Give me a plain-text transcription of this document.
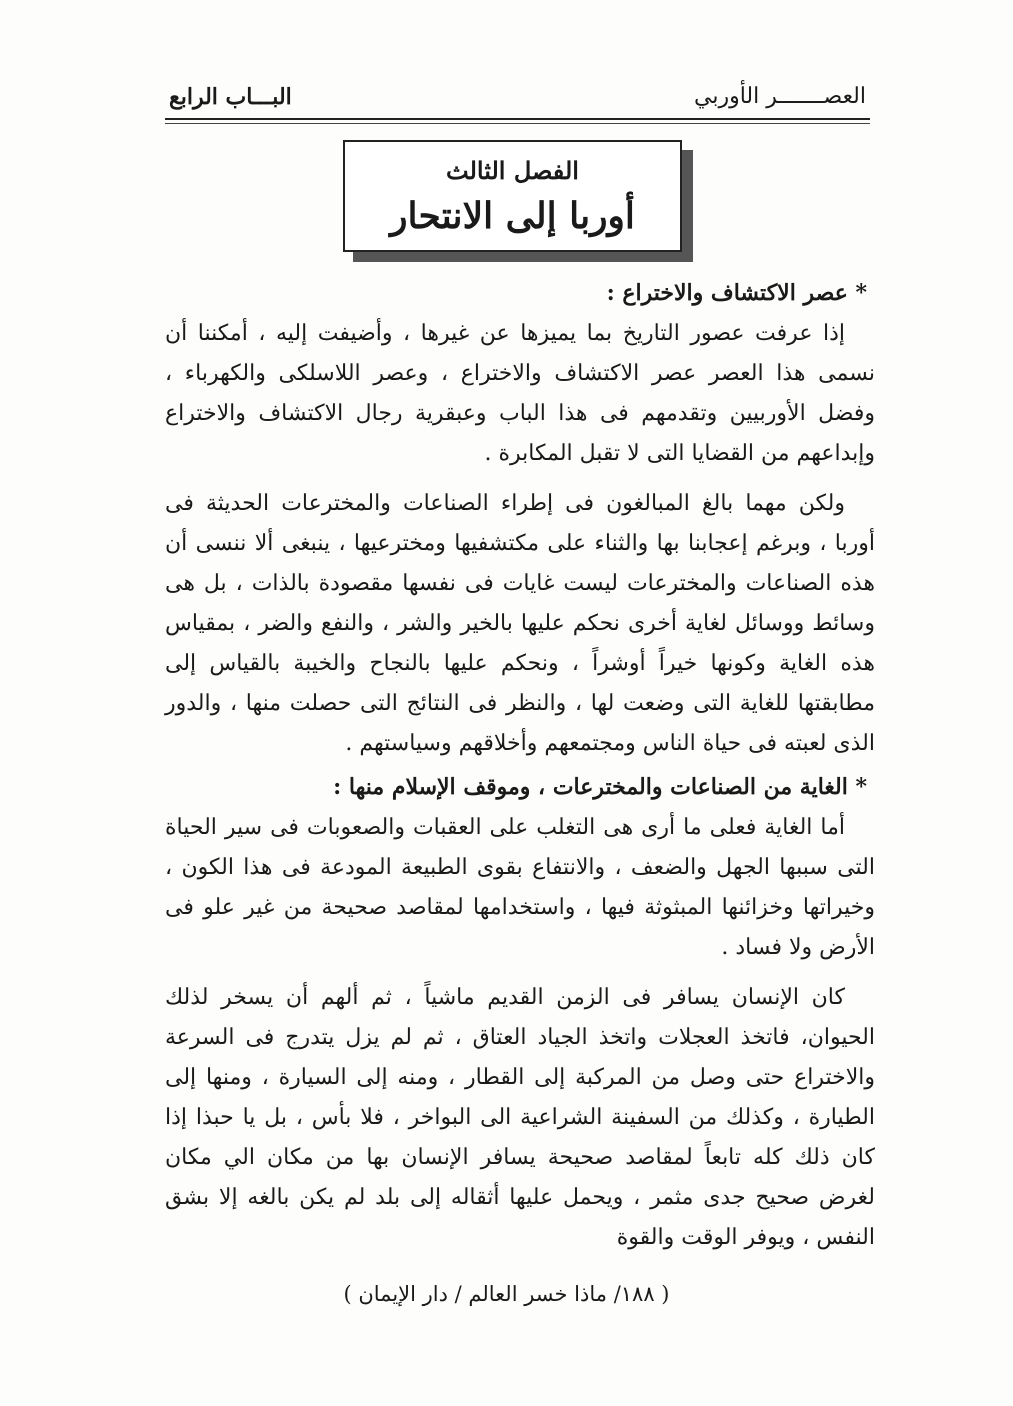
العصـــــــر الأوربي
البـــاب الرابع
الفصل الثالث
أوربا إلى الانتحار
* عصر الاكتشاف والاختراع :

إذا عرفت عصور التاريخ بما يميزها عن غيرها ، وأضيفت إليه ، أمكننا أن نسمى هذا العصر عصر الاكتشاف والاختراع ، وعصر اللاسلكى والكهرباء ، وفضل الأوربيين وتقدمهم فى هذا الباب وعبقرية رجال الاكتشاف والاختراع وإبداعهم من القضايا التى لا تقبل المكابرة .

ولكن مهما بالغ المبالغون فى إطراء الصناعات والمخترعات الحديثة فى أوربا ، وبرغم إعجابنا بها والثناء على مكتشفيها ومخترعيها ، ينبغى ألا ننسى أن هذه الصناعات والمخترعات ليست غايات فى نفسها مقصودة بالذات ، بل هى وسائط ووسائل لغاية أخرى نحكم عليها بالخير والشر ، والنفع والضر ، بمقياس هذه الغاية وكونها خيراً أوشراً ، ونحكم عليها بالنجاح والخيبة بالقياس إلى مطابقتها للغاية التى وضعت لها ، والنظر فى النتائج التى حصلت منها ، والدور الذى لعبته فى حياة الناس ومجتمعهم وأخلاقهم وسياستهم .

* الغاية من الصناعات والمخترعات ، وموقف الإسلام منها :

أما الغاية فعلى ما أرى هى التغلب على العقبات والصعوبات فى سير الحياة التى سببها الجهل والضعف ، والانتفاع بقوى الطبيعة المودعة فى هذا الكون ، وخيراتها وخزائنها المبثوثة فيها ، واستخدامها لمقاصد صحيحة من غير علو فى الأرض ولا فساد .

كان الإنسان يسافر فى الزمن القديم ماشياً ، ثم ألهم أن يسخر لذلك الحيوان، فاتخذ العجلات واتخذ الجياد العتاق ، ثم لم يزل يتدرج فى السرعة والاختراع حتى وصل من المركبة إلى القطار ، ومنه إلى السيارة ، ومنها إلى الطيارة ، وكذلك من السفينة الشراعية الى البواخر ، فلا بأس ، بل يا حبذا إذا كان ذلك كله تابعاً لمقاصد صحيحة يسافر الإنسان بها من مكان الي مكان لغرض صحيح جدى مثمر ، ويحمل عليها أثقاله إلى بلد لم يكن بالغه إلا بشق النفس ، ويوفر الوقت والقوة

( ١٨٨/ ماذا خسر العالم / دار الإيمان )
